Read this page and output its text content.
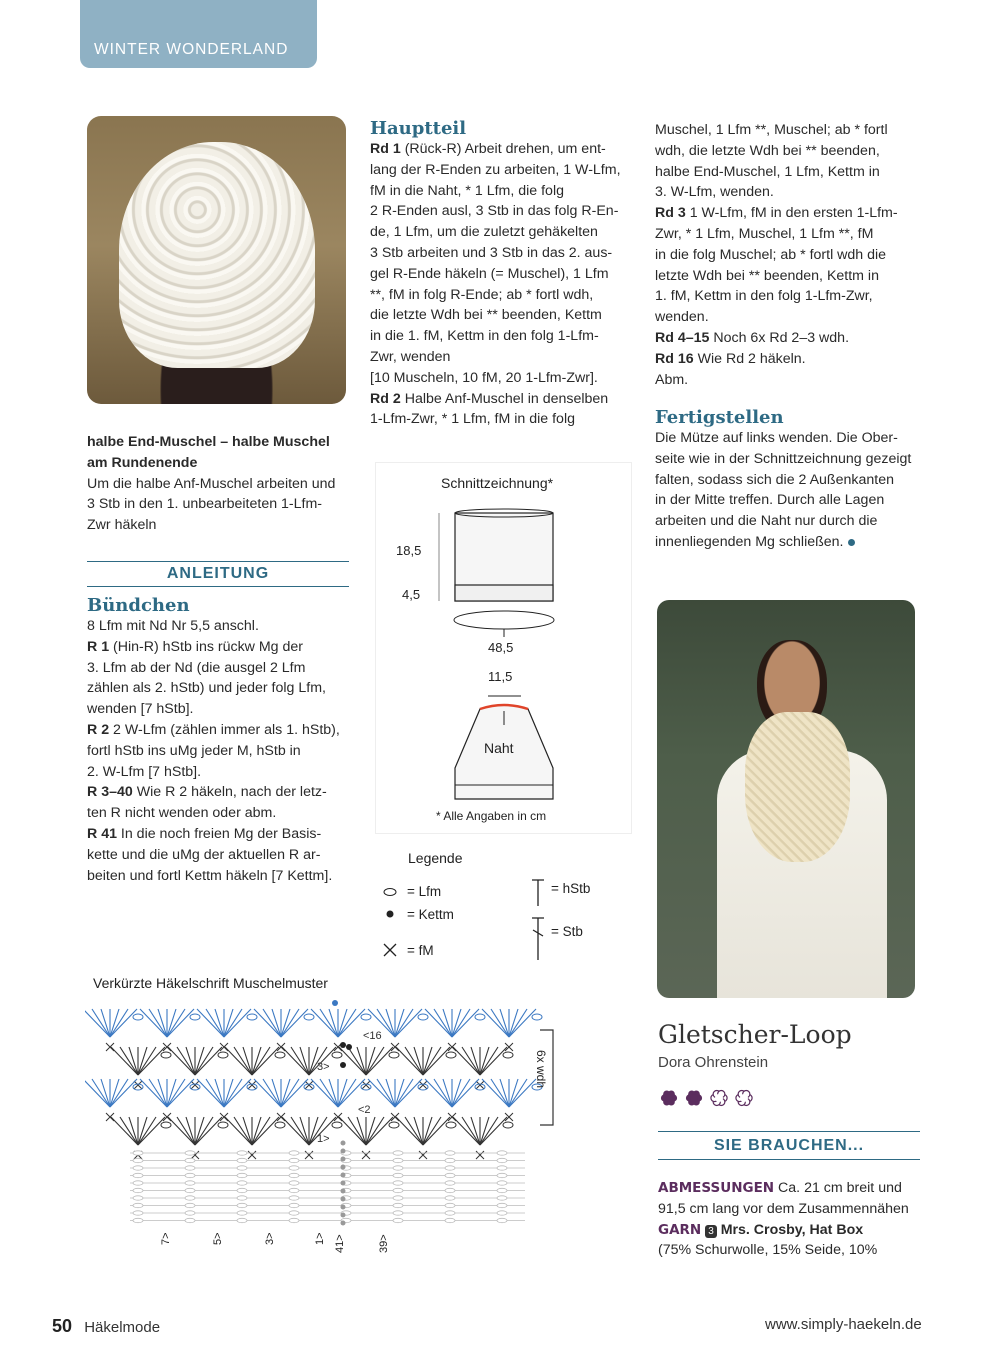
WINTER WONDERLAND

halbe End-Muschel – halbe Muschel

am Rundenende

Um die halbe Anf-Muschel arbeiten und

3 Stb in den 1. unbearbeiteten 1-Lfm-

Zwr häkeln

ANLEITUNG
Bündchen

8 Lfm mit Nd Nr 5,5 anschl.

R 1 (Hin-R) hStb ins rückw Mg der

3. Lfm ab der Nd (die ausgel 2 Lfm

zählen als 2. hStb) und jeder folg Lfm,

wenden [7 hStb].

R 2 2 W-Lfm (zählen immer als 1. hStb),

fortl hStb ins uMg jeder M, hStb in

2. W-Lfm [7 hStb].

R 3–40 Wie R 2 häkeln, nach der letz-

ten R nicht wenden oder abm.

R 41 In die noch freien Mg der Basis-

kette und die uMg der aktuellen R ar-

beiten und fortl Kettm häkeln [7 Kettm].

Hauptteil

Rd 1 (Rück-R) Arbeit drehen, um ent-

lang der R-Enden zu arbeiten, 1 W-Lfm,

fM in die Naht, * 1 Lfm, die folg

2 R-Enden ausl, 3 Stb in das folg R-En-

de, 1 Lfm, um die zuletzt gehäkelten

3 Stb arbeiten und 3 Stb in das 2. aus-

gel R-Ende häkeln (= Muschel), 1 Lfm

**, fM in folg R-Ende; ab * fortl wdh,

die letzte Wdh bei ** beenden, Kettm

in die 1. fM, Kettm in den folg 1-Lfm-

Zwr, wenden

[10 Muscheln, 10 fM, 20 1-Lfm-Zwr].

Rd 2 Halbe Anf-Muschel in denselben

1-Lfm-Zwr, * 1 Lfm, fM in die folg

Muschel, 1 Lfm **, Muschel; ab * fortl

wdh, die letzte Wdh bei ** beenden,

halbe End-Muschel, 1 Lfm, Kettm in

3. W-Lfm, wenden.

Rd 3 1 W-Lfm, fM in den ersten 1-Lfm-

Zwr, * 1 Lfm, Muschel, 1 Lfm **, fM

in die folg Muschel; ab * fortl wdh die

letzte Wdh bei ** beenden, Kettm in

1. fM, Kettm in den folg 1-Lfm-Zwr,

wenden.

Rd 4–15 Noch 6x Rd 2–3 wdh.

Rd 16 Wie Rd 2 häkeln.

Abm.

Fertigstellen

Die Mütze auf links wenden. Die Ober-

seite wie in der Schnittzeichnung gezeigt

falten, sodass sich die 2 Außenkanten

in der Mitte treffen. Durch alle Lagen

arbeiten und die Naht nur durch die

innenliegenden Mg schließen.

Schnittzeichnung*
18,5
4,5
48,5
11,5
Naht
* Alle Angaben in cm
Legende
= Lfm
= Kettm
= fM
= hStb
= Stb
Verkürzte Häkelschrift Muschelmuster
6x wdh
<16
3>
<2
1>
7>	5>	3>	1> 41>	39>
Gletscher-Loop
Dora Ohrenstein
SIE BRAUCHEN...

ABMESSUNGEN Ca. 21 cm breit und

91,5 cm lang vor dem Zusammennähen

GARN 3 Mrs. Crosby, Hat Box

(75% Schurwolle, 15% Seide, 10%

50 Häkelmode	www.simply-haekeln.de
